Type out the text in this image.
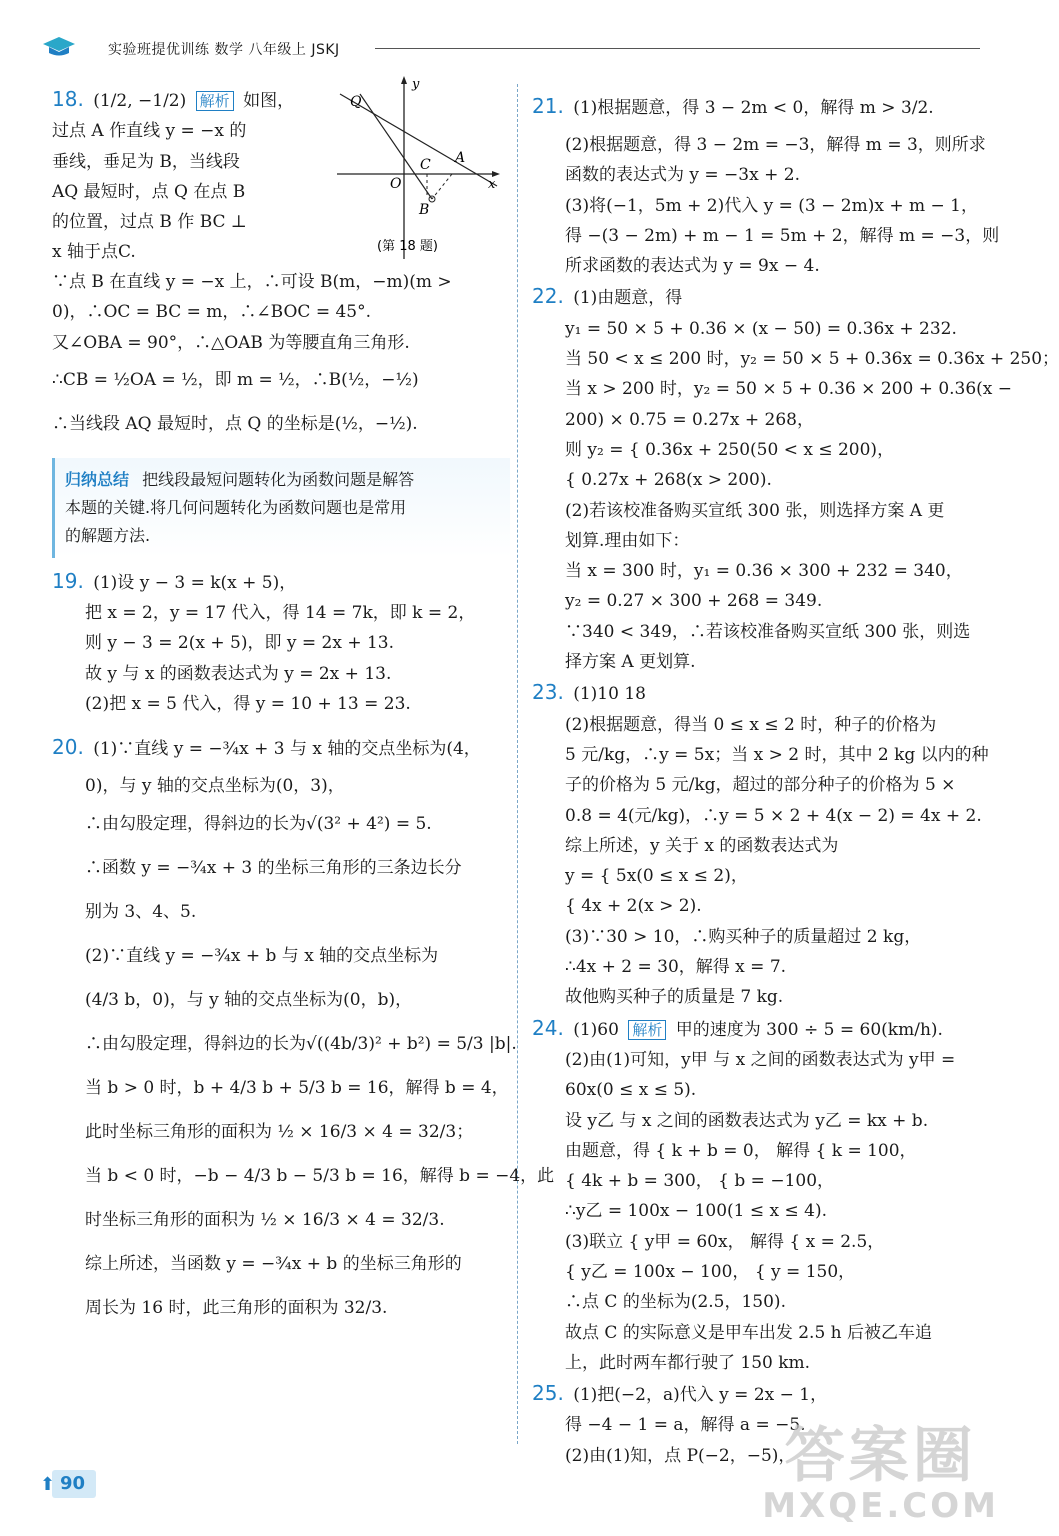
实验班提优训练 数学 八年级上 JSKJ
18. (1/2, −1/2) 解析 如图，
过点 A 作直线 y = −x 的
垂线，垂足为 B，当线段
AQ 最短时，点 Q 在点 B
的位置，过点 B 作 BC ⊥
x 轴于点C.
y
Q
C A
O	x
B
(第 18 题)
∵点 B 在直线 y = −x 上，∴可设 B(m，−m)(m >
0)，∴OC = BC = m，∴∠BOC = 45°.
又∠OBA = 90°，∴△OAB 为等腰直角三角形.
∴CB = ½OA = ½，即 m = ½，∴B(½，−½)
∴当线段 AQ 最短时，点 Q 的坐标是(½，−½).
归纳总结 把线段最短问题转化为函数问题是解答
本题的关键.将几何问题转化为函数问题也是常用
的解题方法.
19. (1)设 y − 3 = k(x + 5)，
把 x = 2，y = 17 代入，得 14 = 7k，即 k = 2，
则 y − 3 = 2(x + 5)，即 y = 2x + 13.
故 y 与 x 的函数表达式为 y = 2x + 13.
(2)把 x = 5 代入，得 y = 10 + 13 = 23.
20. (1)∵直线 y = −¾x + 3 与 x 轴的交点坐标为(4，
0)，与 y 轴的交点坐标为(0，3)，
∴由勾股定理，得斜边的长为√(3² + 4²) = 5.
∴函数 y = −¾x + 3 的坐标三角形的三条边长分
别为 3、4、5.
(2)∵直线 y = −¾x + b 与 x 轴的交点坐标为
(4/3 b，0)，与 y 轴的交点坐标为(0，b)，
∴由勾股定理，得斜边的长为√((4b/3)² + b²) = 5/3 |b|.
当 b > 0 时，b + 4/3 b + 5/3 b = 16，解得 b = 4，
此时坐标三角形的面积为 ½ × 16/3 × 4 = 32/3；
当 b < 0 时，−b − 4/3 b − 5/3 b = 16，解得 b = −4，此
时坐标三角形的面积为 ½ × 16/3 × 4 = 32/3.
综上所述，当函数 y = −¾x + b 的坐标三角形的
周长为 16 时，此三角形的面积为 32/3.
21. (1)根据题意，得 3 − 2m < 0，解得 m > 3/2.
(2)根据题意，得 3 − 2m = −3，解得 m = 3，则所求
函数的表达式为 y = −3x + 2.
(3)将(−1，5m + 2)代入 y = (3 − 2m)x + m − 1，
得 −(3 − 2m) + m − 1 = 5m + 2，解得 m = −3，则
所求函数的表达式为 y = 9x − 4.
22. (1)由题意，得
y₁ = 50 × 5 + 0.36 × (x − 50) = 0.36x + 232.
当 50 < x ≤ 200 时，y₂ = 50 × 5 + 0.36x = 0.36x + 250；
当 x > 200 时，y₂ = 50 × 5 + 0.36 × 200 + 0.36(x −
200) × 0.75 = 0.27x + 268，
则 y₂ = { 0.36x + 250(50 < x ≤ 200)，
{ 0.27x + 268(x > 200).
(2)若该校准备购买宣纸 300 张，则选择方案 A 更
划算.理由如下：
当 x = 300 时，y₁ = 0.36 × 300 + 232 = 340，
y₂ = 0.27 × 300 + 268 = 349.
∵340 < 349，∴若该校准备购买宣纸 300 张，则选
择方案 A 更划算.
23. (1)10 18
(2)根据题意，得当 0 ≤ x ≤ 2 时，种子的价格为
5 元/kg，∴y = 5x；当 x > 2 时，其中 2 kg 以内的种
子的价格为 5 元/kg，超过的部分种子的价格为 5 ×
0.8 = 4(元/kg)，∴y = 5 × 2 + 4(x − 2) = 4x + 2.
综上所述，y 关于 x 的函数表达式为
y = { 5x(0 ≤ x ≤ 2)，
{ 4x + 2(x > 2).
(3)∵30 > 10，∴购买种子的质量超过 2 kg，
∴4x + 2 = 30，解得 x = 7.
故他购买种子的质量是 7 kg.
24. (1)60 解析 甲的速度为 300 ÷ 5 = 60(km/h).
(2)由(1)可知，y甲 与 x 之间的函数表达式为 y甲 =
60x(0 ≤ x ≤ 5).
设 y乙 与 x 之间的函数表达式为 y乙 = kx + b.
由题意，得 { k + b = 0， 解得 { k = 100，
{ 4k + b = 300， { b = −100，
∴y乙 = 100x − 100(1 ≤ x ≤ 4).
(3)联立 { y甲 = 60x， 解得 { x = 2.5，
{ y乙 = 100x − 100， { y = 150，
∴点 C 的坐标为(2.5，150).
故点 C 的实际意义是甲车出发 2.5 h 后被乙车追
上，此时两车都行驶了 150 km.
25. (1)把(−2，a)代入 y = 2x − 1，
得 −4 − 1 = a，解得 a = −5.
(2)由(1)知，点 P(−2，−5)，
⬆ 90	答案圈
MXQE.COM
